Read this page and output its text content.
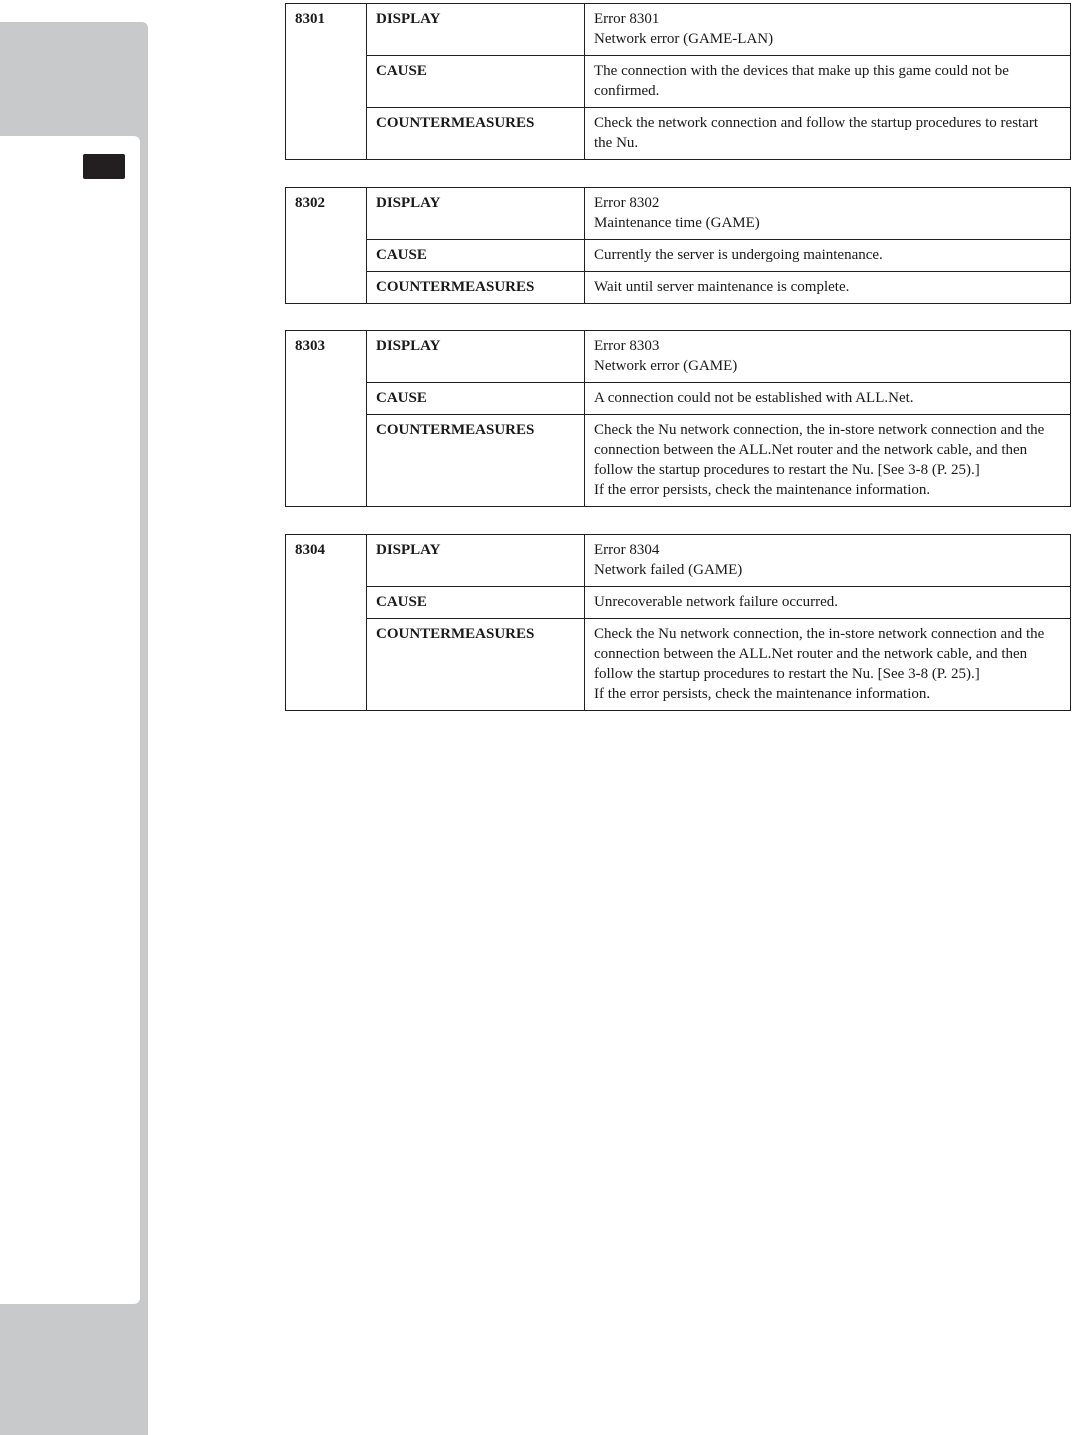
8301	DISPLAY	Error 8301
Network error (GAME-LAN)

	CAUSE	The connection with the devices that make up this game could not be
confirmed.

	COUNTERMEASURES	Check the network connection and follow the startup procedures to restart
the Nu.
8302	DISPLAY	Error 8302
Maintenance time (GAME)

	CAUSE	Currently the server is undergoing maintenance.

	COUNTERMEASURES	Wait until server maintenance is complete.
8303	DISPLAY	Error 8303
Network error (GAME)

	CAUSE	A connection could not be established with ALL.Net.

	COUNTERMEASURES	Check the Nu network connection, the in-store network connection and the
connection between the ALL.Net router and the network cable, and then
follow the startup procedures to restart the Nu. [See 3-8 (P. 25).]
If the error persists, check the maintenance information.
8304	DISPLAY	Error 8304
Network failed (GAME)

	CAUSE	Unrecoverable network failure occurred.

	COUNTERMEASURES	Check the Nu network connection, the in-store network connection and the
connection between the ALL.Net router and the network cable, and then
follow the startup procedures to restart the Nu. [See 3-8 (P. 25).]
If the error persists, check the maintenance information.
